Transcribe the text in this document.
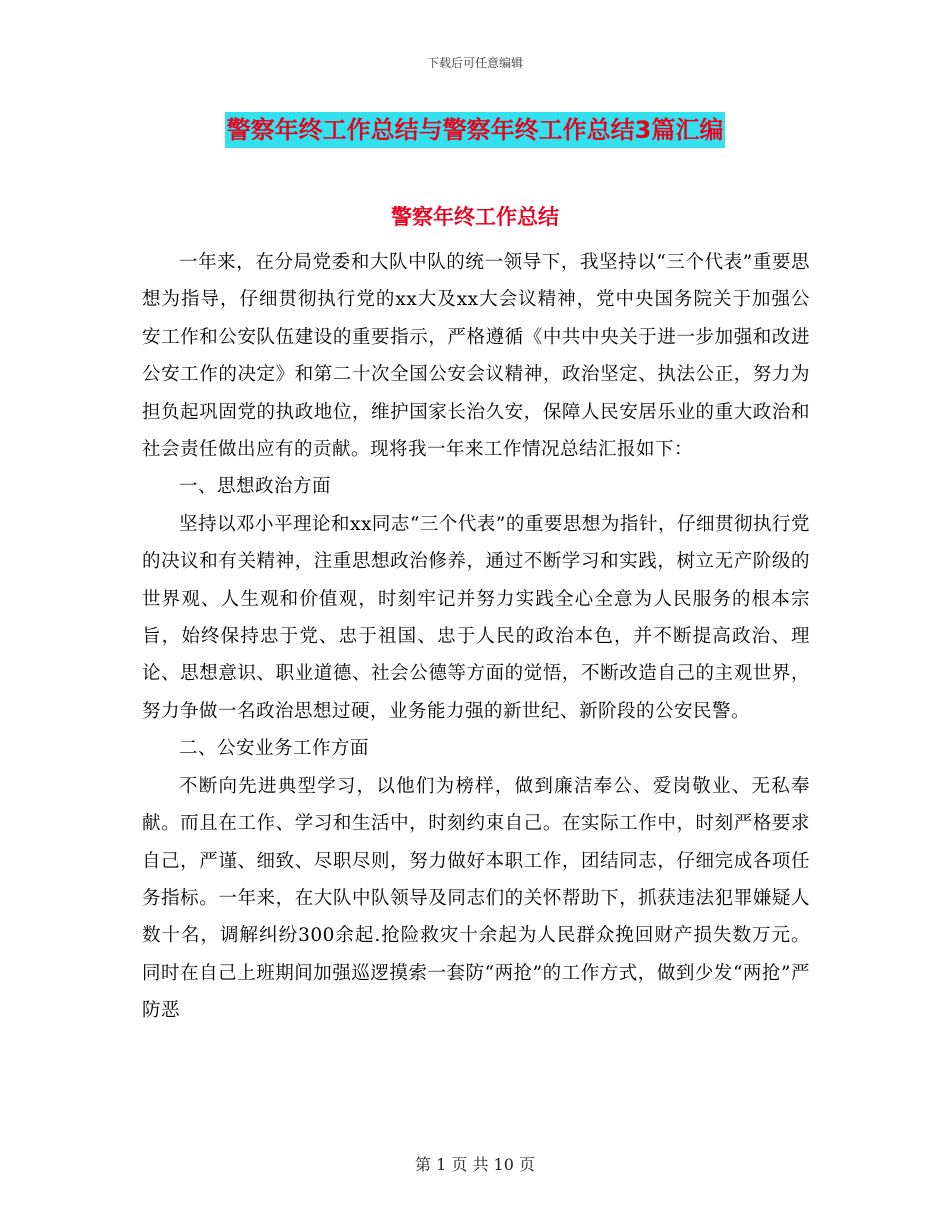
下载后可任意编辑
警察年终工作总结与警察年终工作总结3篇汇编
警察年终工作总结

一年来，在分局党委和大队中队的统一领导下，我坚持以“三个代表”重要思想为指导，仔细贯彻执行党的xx大及xx大会议精神，党中央国务院关于加强公安工作和公安队伍建设的重要指示，严格遵循《中共中央关于进一步加强和改进公安工作的决定》和第二十次全国公安会议精神，政治坚定、执法公正，努力为担负起巩固党的执政地位，维护国家长治久安，保障人民安居乐业的重大政治和社会责任做出应有的贡献。现将我一年来工作情况总结汇报如下：

一、思想政治方面

坚持以邓小平理论和xx同志“三个代表”的重要思想为指针，仔细贯彻执行党的决议和有关精神，注重思想政治修养，通过不断学习和实践，树立无产阶级的世界观、人生观和价值观，时刻牢记并努力实践全心全意为人民服务的根本宗旨，始终保持忠于党、忠于祖国、忠于人民的政治本色，并不断提高政治、理论、思想意识、职业道德、社会公德等方面的觉悟，不断改造自己的主观世界，努力争做一名政治思想过硬，业务能力强的新世纪、新阶段的公安民警。

二、公安业务工作方面

不断向先进典型学习，以他们为榜样，做到廉洁奉公、爱岗敬业、无私奉献。而且在工作、学习和生活中，时刻约束自己。在实际工作中，时刻严格要求自己，严谨、细致、尽职尽则，努力做好本职工作，团结同志，仔细完成各项任务指标。一年来，在大队中队领导及同志们的关怀帮助下，抓获违法犯罪嫌疑人数十名，调解纠纷300余起.抢险救灾十余起为人民群众挽回财产损失数万元。同时在自己上班期间加强巡逻摸索一套防“两抢”的工作方式，做到少发“两抢”严防恶

第 1 页 共 10 页
